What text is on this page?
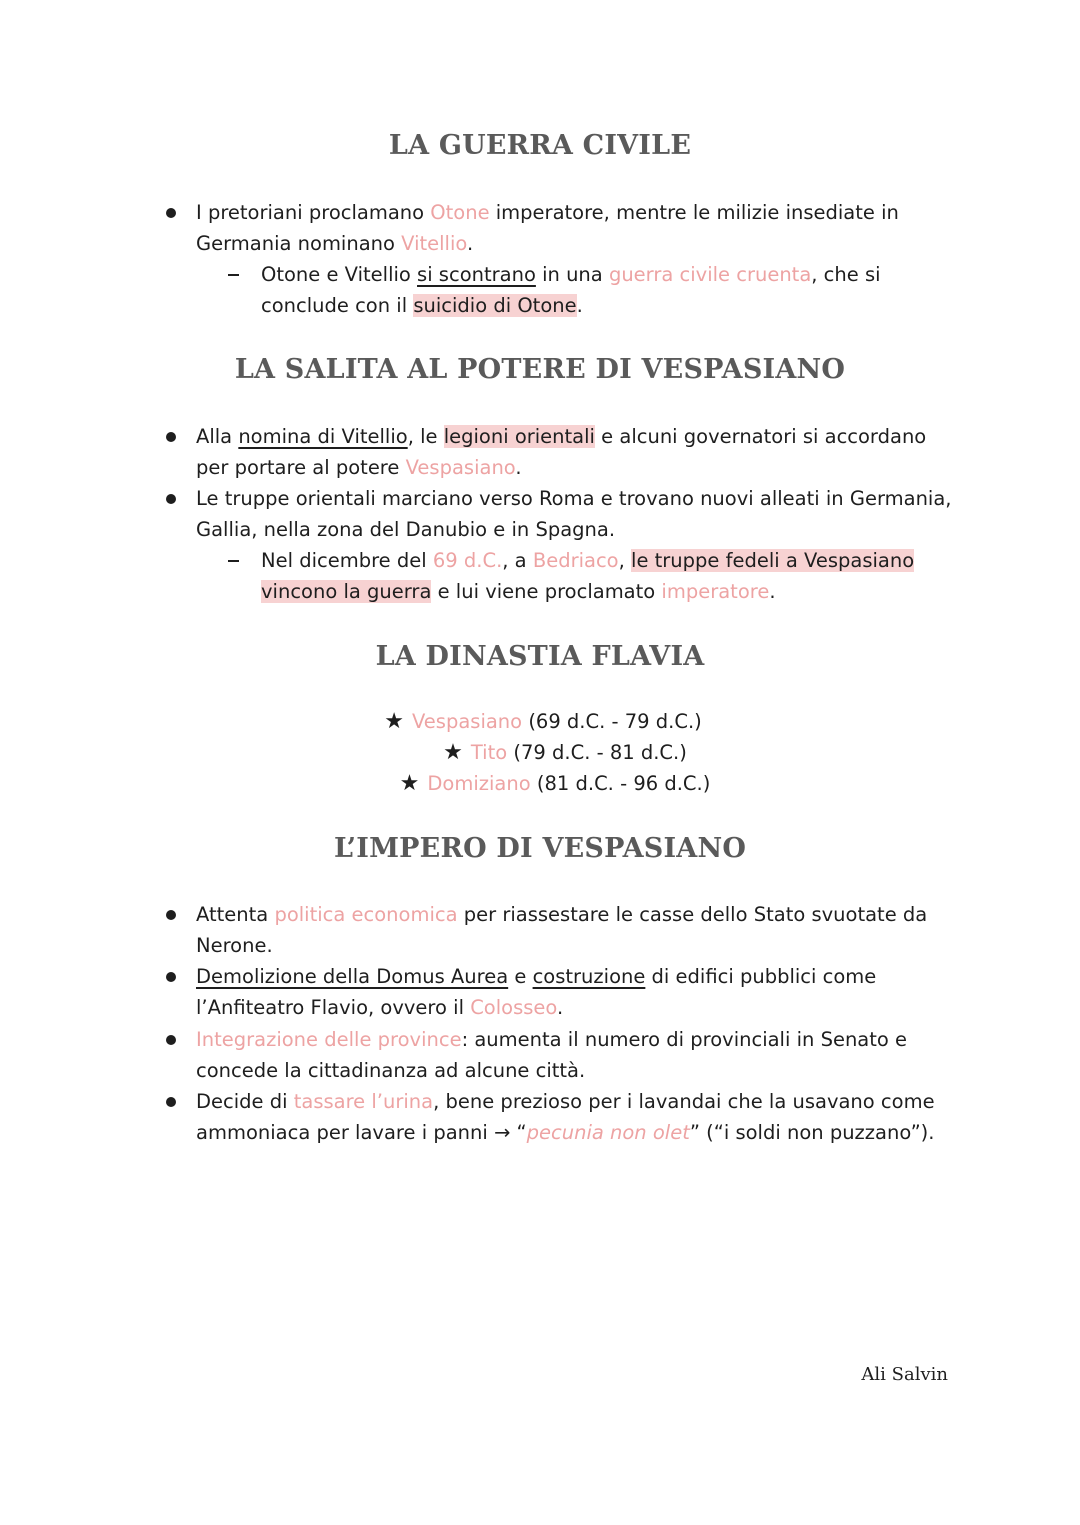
LA GUERRA CIVILE
I pretoriani proclamano Otone imperatore, mentre le milizie insediate in Germania nominano Vitellio.
Otone e Vitellio si scontrano in una guerra civile cruenta, che si conclude con il suicidio di Otone.
LA SALITA AL POTERE DI VESPASIANO
Alla nomina di Vitellio, le legioni orientali e alcuni governatori si accordano per portare al potere Vespasiano.
Le truppe orientali marciano verso Roma e trovano nuovi alleati in Germania, Gallia, nella zona del Danubio e in Spagna.
Nel dicembre del 69 d.C., a Bedriaco, le truppe fedeli a Vespasiano vincono la guerra e lui viene proclamato imperatore.
LA DINASTIA FLAVIA
★ Vespasiano (69 d.C. - 79 d.C.)
★ Tito (79 d.C. - 81 d.C.)
★ Domiziano (81 d.C. - 96 d.C.)
L’IMPERO DI VESPASIANO
Attenta politica economica per riassestare le casse dello Stato svuotate da Nerone.
Demolizione della Domus Aurea e costruzione di edifici pubblici come l’Anfiteatro Flavio, ovvero il Colosseo.
Integrazione delle province: aumenta il numero di provinciali in Senato e concede la cittadinanza ad alcune città.
Decide di tassare l’urina, bene prezioso per i lavandai che la usavano come ammoniaca per lavare i panni → “pecunia non olet” (“i soldi non puzzano”).
Ali Salvin
